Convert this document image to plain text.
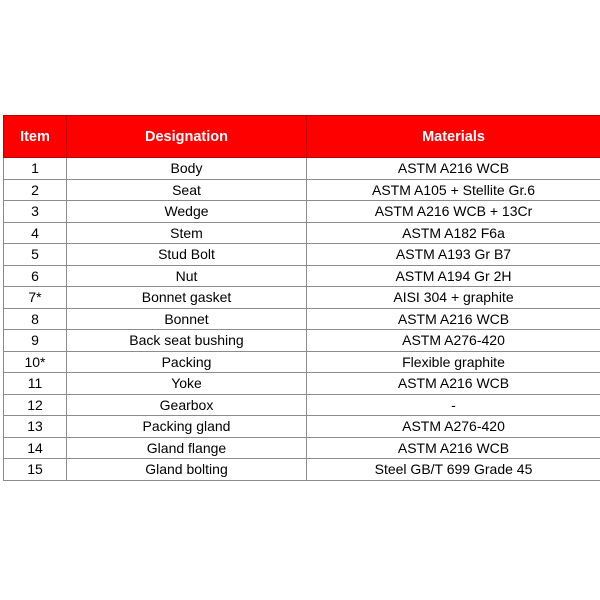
Item	Designation	Materials
1	Body	ASTM A216 WCB
2	Seat	ASTM A105 + Stellite Gr.6
3	Wedge	ASTM A216 WCB + 13Cr
4	Stem	ASTM A182 F6a
5	Stud Bolt	ASTM A193 Gr B7
6	Nut	ASTM A194 Gr 2H
7*	Bonnet gasket	AISI 304 + graphite
8	Bonnet	ASTM A216 WCB
9	Back seat bushing	ASTM A276-420
10*	Packing	Flexible graphite
11	Yoke	ASTM A216 WCB
12	Gearbox	-
13	Packing gland	ASTM A276-420
14	Gland flange	ASTM A216 WCB
15	Gland bolting	Steel GB/T 699 Grade 45
